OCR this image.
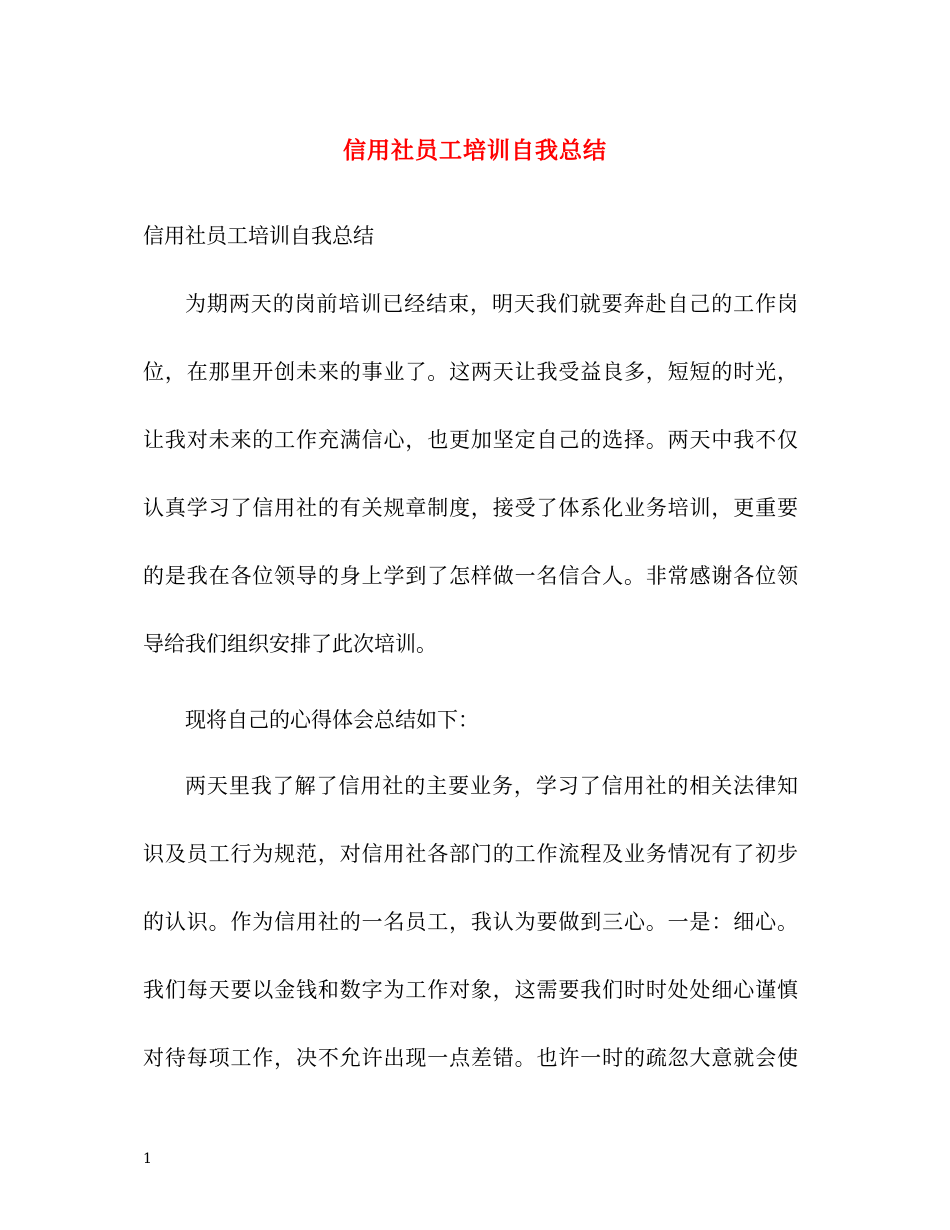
信用社员工培训自我总结
信用社员工培训自我总结
为期两天的岗前培训已经结束，明天我们就要奔赴自己的工作岗
位，在那里开创未来的事业了。这两天让我受益良多，短短的时光，
让我对未来的工作充满信心，也更加坚定自己的选择。两天中我不仅
认真学习了信用社的有关规章制度，接受了体系化业务培训，更重要
的是我在各位领导的身上学到了怎样做一名信合人。非常感谢各位领
导给我们组织安排了此次培训。
现将自己的心得体会总结如下：
两天里我了解了信用社的主要业务，学习了信用社的相关法律知
识及员工行为规范，对信用社各部门的工作流程及业务情况有了初步
的认识。作为信用社的一名员工，我认为要做到三心。一是：细心。
我们每天要以金钱和数字为工作对象，这需要我们时时处处细心谨慎
对待每项工作，决不允许出现一点差错。也许一时的疏忽大意就会使
1
